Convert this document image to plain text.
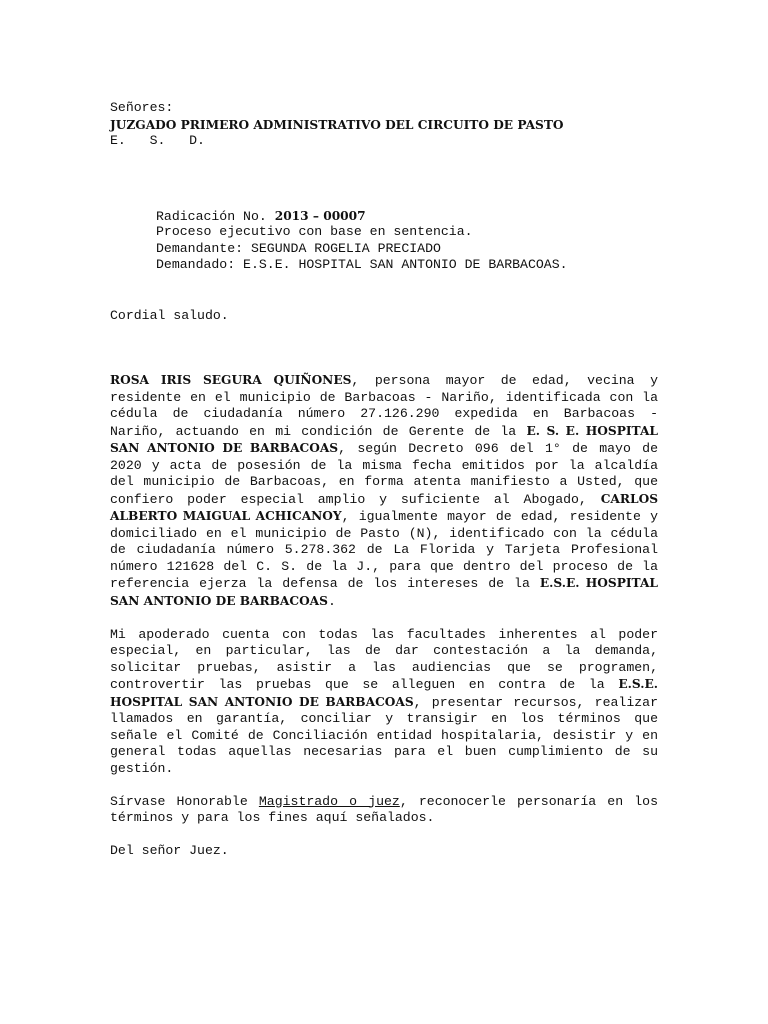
Señores:
JUZGADO PRIMERO ADMINISTRATIVO DEL CIRCUITO DE PASTO
E.   S.   D.
Radicación No. 2013 – 00007
Proceso ejecutivo con base en sentencia.
Demandante: SEGUNDA ROGELIA PRECIADO
Demandado: E.S.E. HOSPITAL SAN ANTONIO DE BARBACOAS.
Cordial saludo.

ROSA IRIS SEGURA QUIÑONES, persona mayor de edad, vecina y residente en el municipio de Barbacoas - Nariño, identificada con la cédula de ciudadanía número 27.126.290 expedida en Barbacoas - Nariño, actuando en mi condición de Gerente de la E. S. E. HOSPITAL SAN ANTONIO DE BARBACOAS, según Decreto 096 del 1° de mayo de 2020 y acta de posesión de la misma fecha emitidos por la alcaldía del municipio de Barbacoas, en forma atenta manifiesto a Usted, que confiero poder especial amplio y suficiente al Abogado, CARLOS ALBERTO MAIGUAL ACHICANOY, igualmente mayor de edad, residente y domiciliado en el municipio de Pasto (N), identificado con la cédula de ciudadanía número 5.278.362 de La Florida y Tarjeta Profesional número 121628 del C. S. de la J., para que dentro del proceso de la referencia ejerza la defensa de los intereses de la E.S.E. HOSPITAL SAN ANTONIO DE BARBACOAS.

Mi apoderado cuenta con todas las facultades inherentes al poder especial, en particular, las de dar contestación a la demanda, solicitar pruebas, asistir a las audiencias que se programen, controvertir las pruebas que se alleguen en contra de la E.S.E. HOSPITAL SAN ANTONIO DE BARBACOAS, presentar recursos, realizar llamados en garantía, conciliar y transigir en los términos que señale el Comité de Conciliación entidad hospitalaria, desistir y en general todas aquellas necesarias para el buen cumplimiento de su gestión.

Sírvase Honorable Magistrado o juez, reconocerle personaría en los términos y para los fines aquí señalados.

Del señor Juez.
